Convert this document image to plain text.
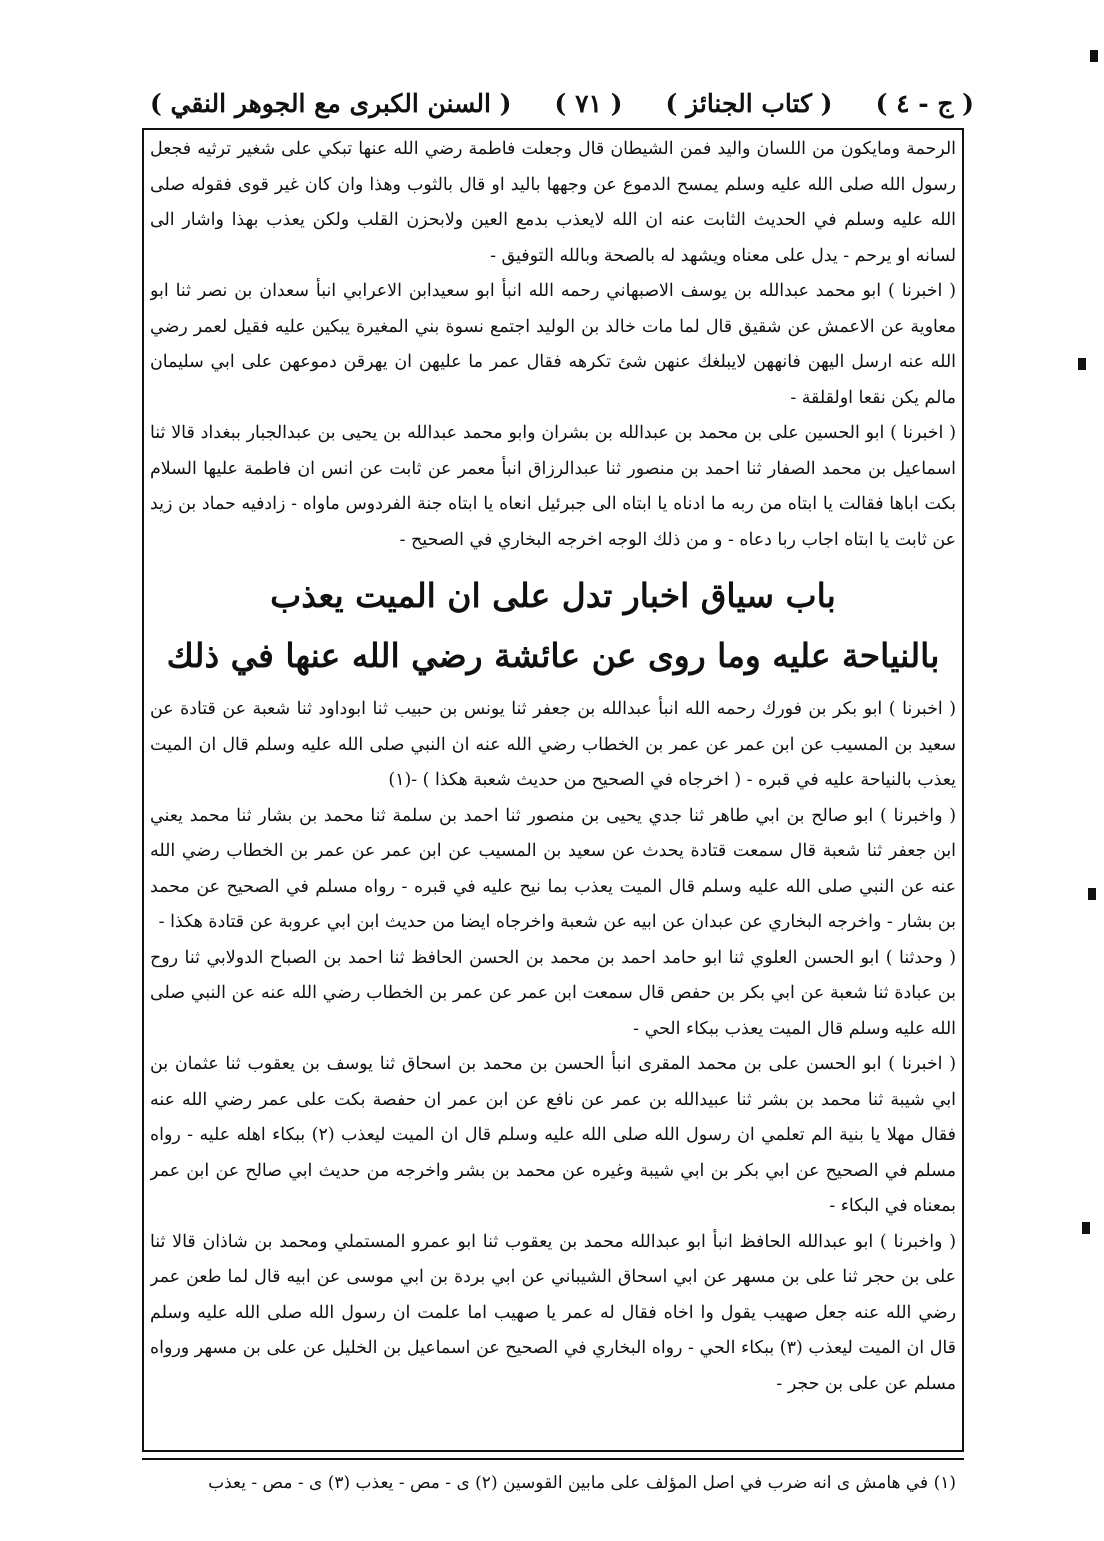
( السنن الكبرى مع الجوهر النقي ) ( ٧١ ) ( كتاب الجنائز ) ( ج - ٤ )

الرحمة ومايكون من اللسان واليد فمن الشيطان قال وجعلت فاطمة رضي الله عنها تبكي على شغير ترثيه فجعل رسول الله صلى الله عليه وسلم يمسح الدموع عن وجهها باليد او قال بالثوب وهذا وان كان غير قوى فقوله صلى الله عليه وسلم في الحديث الثابت عنه ان الله لايعذب بدمع العين ولابحزن القلب ولكن يعذب بهذا واشار الى لسانه او يرحم - يدل على معناه ويشهد له بالصحة وبالله التوفيق -

( اخبرنا ) ابو محمد عبدالله بن يوسف الاصبهاني رحمه الله انبأ ابو سعيدابن الاعرابي انبأ سعدان بن نصر ثنا ابو معاوية عن الاعمش عن شقيق قال لما مات خالد بن الوليد اجتمع نسوة بني المغيرة يبكين عليه فقيل لعمر رضي الله عنه ارسل اليهن فانههن لايبلغك عنهن شئ تكرهه فقال عمر ما عليهن ان يهرقن دموعهن على ابي سليمان مالم يكن نقعا اولقلقة -

( اخبرنا ) ابو الحسين على بن محمد بن عبدالله بن بشران وابو محمد عبدالله بن يحيى بن عبدالجبار ببغداد قالا ثنا اسماعيل بن محمد الصفار ثنا احمد بن منصور ثنا عبدالرزاق انبأ معمر عن ثابت عن انس ان فاطمة عليها السلام بكت اباها فقالت يا ابتاه من ربه ما ادناه يا ابتاه الى جبرئيل انعاه يا ابتاه جنة الفردوس ماواه - زادفيه حماد بن زيد عن ثابت يا ابتاه اجاب ربا دعاه - و من ذلك الوجه اخرجه البخاري في الصحيح -

باب سياق اخبار تدل على ان الميت يعذب
بالنياحة عليه وما روى عن عائشة رضي الله عنها في ذلك

( اخبرنا ) ابو بكر بن فورك رحمه الله انبأ عبدالله بن جعفر ثنا يونس بن حبيب ثنا ابوداود ثنا شعبة عن قتادة عن سعيد بن المسيب عن ابن عمر عن عمر بن الخطاب رضي الله عنه ان النبي صلى الله عليه وسلم قال ان الميت يعذب بالنياحة عليه في قبره - ( اخرجاه في الصحيح من حديث شعبة هكذا ) -(١)

( واخبرنا ) ابو صالح بن ابي طاهر ثنا جدي يحيى بن منصور ثنا احمد بن سلمة ثنا محمد بن بشار ثنا محمد يعني ابن جعفر ثنا شعبة قال سمعت قتادة يحدث عن سعيد بن المسيب عن ابن عمر عن عمر بن الخطاب رضي الله عنه عن النبي صلى الله عليه وسلم قال الميت يعذب بما نيح عليه في قبره - رواه مسلم في الصحيح عن محمد بن بشار - واخرجه البخاري عن عبدان عن ابيه عن شعبة واخرجاه ايضا من حديث ابن ابي عروبة عن قتادة هكذا -

( وحدثنا ) ابو الحسن العلوي ثنا ابو حامد احمد بن محمد بن الحسن الحافظ ثنا احمد بن الصباح الدولابي ثنا روح بن عبادة ثنا شعبة عن ابي بكر بن حفص قال سمعت ابن عمر عن عمر بن الخطاب رضي الله عنه عن النبي صلى الله عليه وسلم قال الميت يعذب ببكاء الحي -

( اخبرنا ) ابو الحسن على بن محمد المقرى انبأ الحسن بن محمد بن اسحاق ثنا يوسف بن يعقوب ثنا عثمان بن ابي شيبة ثنا محمد بن بشر ثنا عبيدالله بن عمر عن نافع عن ابن عمر ان حفصة بكت على عمر رضي الله عنه فقال مهلا يا بنية الم تعلمي ان رسول الله صلى الله عليه وسلم قال ان الميت ليعذب (٢) ببكاء اهله عليه - رواه مسلم في الصحيح عن ابي بكر بن ابي شيبة وغيره عن محمد بن بشر واخرجه من حديث ابي صالح عن ابن عمر بمعناه في البكاء -

( واخبرنا ) ابو عبدالله الحافظ انبأ ابو عبدالله محمد بن يعقوب ثنا ابو عمرو المستملي ومحمد بن شاذان قالا ثنا على بن حجر ثنا على بن مسهر عن ابي اسحاق الشيباني عن ابي بردة بن ابي موسى عن ابيه قال لما طعن عمر رضي الله عنه جعل صهيب يقول وا اخاه فقال له عمر يا صهيب اما علمت ان رسول الله صلى الله عليه وسلم قال ان الميت ليعذب (٣) ببكاء الحي - رواه البخاري في الصحيح عن اسماعيل بن الخليل عن على بن مسهر ورواه مسلم عن على بن حجر -

(١) في هامش ى انه ضرب في اصل المؤلف على مابين القوسين (٢) ى - مص - يعذب (٣) ى - مص - يعذب
